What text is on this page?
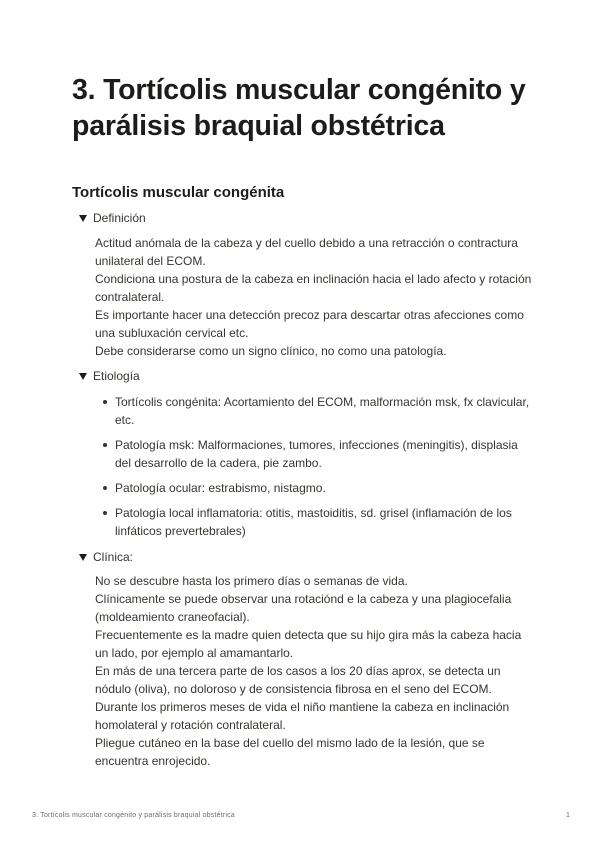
3. Tortícolis muscular congénito y parálisis braquial obstétrica
Tortícolis muscular congénita
Definición

Actitud anómala de la cabeza y del cuello debido a una retracción o contractura unilateral del ECOM.

Condiciona una postura de la cabeza en inclinación hacia el lado afecto y rotación contralateral.

Es importante hacer una detección precoz para descartar otras afecciones como una subluxación cervical etc.

Debe considerarse como un signo clínico, no como una patología.

Etiología
Tortícolis congénita: Acortamiento del ECOM, malformación msk, fx clavicular, etc.
Patología msk: Malformaciones, tumores, infecciones (meningitis), displasia del desarrollo de la cadera, pie zambo.
Patología ocular: estrabismo, nistagmo.
Patología local inflamatoria: otitis, mastoiditis, sd. grisel (inflamación de los linfáticos prevertebrales)
Clínica:

No se descubre hasta los primero días o semanas de vida.

Clínicamente se puede observar una rotaciónd e la cabeza y una plagiocefalia (moldeamiento craneofacial).

Frecuentemente es la madre quien detecta que su hijo gira más la cabeza hacia un lado, por ejemplo al amamantarlo.

En más de una tercera parte de los casos a los 20 días aprox, se detecta un nódulo (oliva), no doloroso y de consistencia fibrosa en el seno del ECOM.

Durante los primeros meses de vida el niño mantiene la cabeza en inclinación homolateral y rotación contralateral.

Pliegue cutáneo en la base del cuello del mismo lado de la lesión, que se encuentra enrojecido.

3. Tortícolis muscular congénito y parálisis braquial obstétrica	1
